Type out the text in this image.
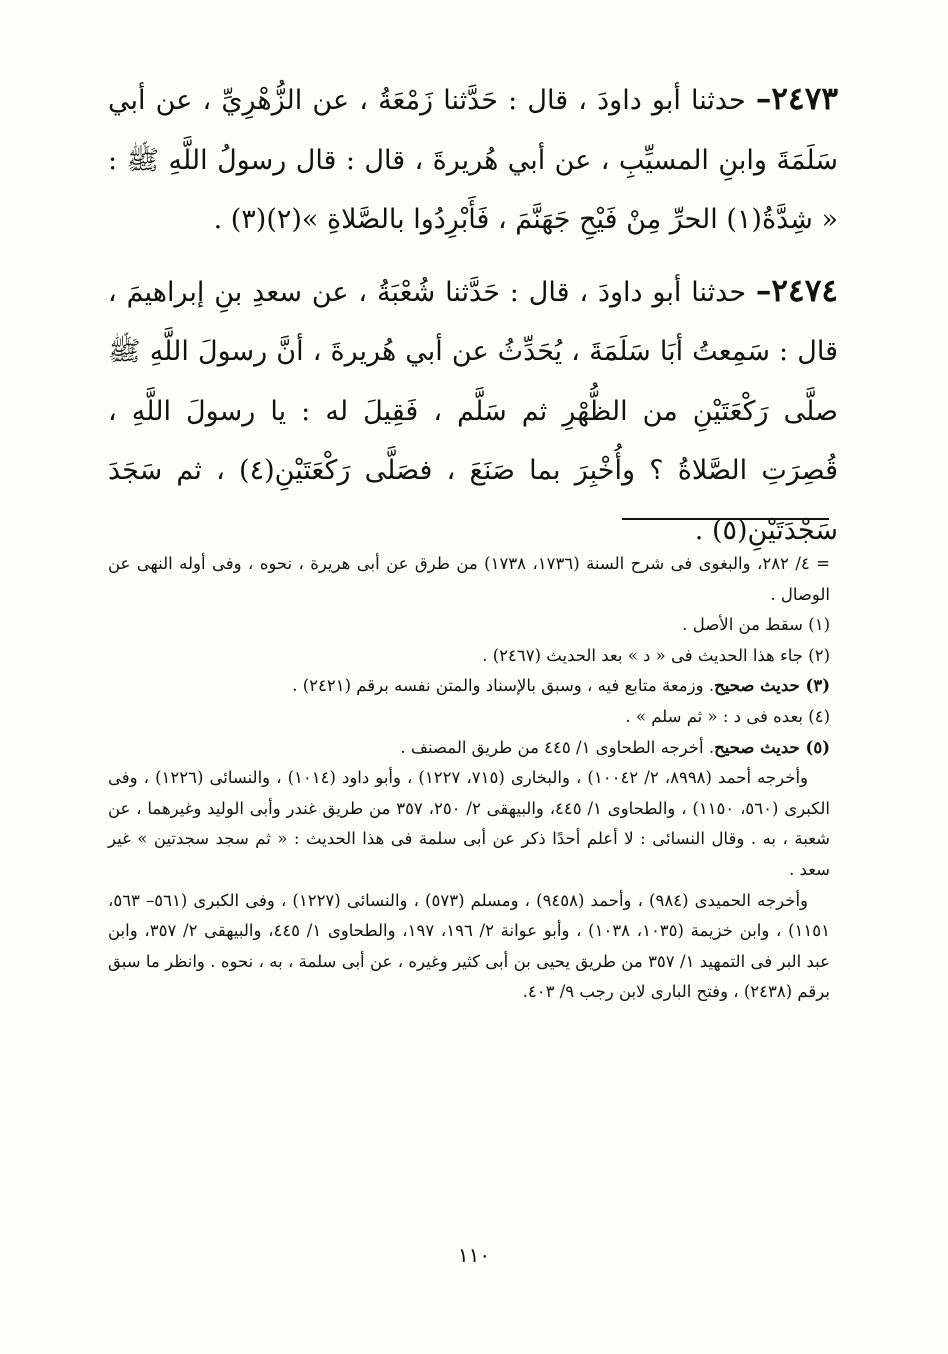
٢٤٧٣– حدثنا أبو داودَ ، قال : حَدَّثنا زَمْعَةُ ، عن الزُّهْرِيِّ ، عن أبي سَلَمَةَ وابنِ المسيِّبِ ، عن أبي هُريرةَ ، قال : قال رسولُ اللَّهِ ﷺ : « شِدَّةُ(١) الحرِّ مِنْ فَيْحِ جَهَنَّمَ ، فَأَبْرِدُوا بالصَّلاةِ »(٢)(٣) .

٢٤٧٤– حدثنا أبو داودَ ، قال : حَدَّثنا شُعْبَةُ ، عن سعدِ بنِ إبراهيمَ ، قال : سَمِعتُ أبَا سَلَمَةَ ، يُحَدِّثُ عن أبي هُريرةَ ، أنَّ رسولَ اللَّهِ ﷺ صلَّى رَكْعَتَيْنِ من الظُّهْرِ ثم سَلَّم ، فَقِيلَ له : يا رسولَ اللَّهِ ، قُصِرَتِ الصَّلاةُ ؟ وأُخْبِرَ بما صَنَعَ ، فصَلَّى رَكْعَتَيْنِ(٤) ، ثم سَجَدَ سَجْدَتَيْنِ(٥) .

= ٤/ ٢٨٢، والبغوى فى شرح السنة (١٧٣٦، ١٧٣٨) من طرق عن أبى هريرة ، نحوه ، وفى أوله النهى عن الوصال .

(١) سقط من الأصل .

(٢) جاء هذا الحديث فى « د » بعد الحديث (٢٤٦٧) .

(٣) حديث صحيح. وزمعة متابع فيه ، وسبق بالإسناد والمتن نفسه برقم (٢٤٢١) .

(٤) بعده فى د : « ثم سلم » .

(٥) حديث صحيح. أخرجه الطحاوى ١/ ٤٤٥ من طريق المصنف .

وأخرجه أحمد (٨٩٩٨، ٢/ ١٠٠٤٢) ، والبخارى (٧١٥، ١٢٢٧) ، وأبو داود (١٠١٤) ، والنسائى (١٢٢٦) ، وفى الكبرى (٥٦٠، ١١٥٠) ، والطحاوى ١/ ٤٤٥، والبيهقى ٢/ ٢٥٠، ٣٥٧ من طريق غندر وأبى الوليد وغيرهما ، عن شعبة ، به . وقال النسائى : لا أعلم أحدًا ذكر عن أبى سلمة فى هذا الحديث : « ثم سجد سجدتين » غير سعد .

وأخرجه الحميدى (٩٨٤) ، وأحمد (٩٤٥٨) ، ومسلم (٥٧٣) ، والنسائى (١٢٢٧) ، وفى الكبرى (٥٦١– ٥٦٣، ١١٥١) ، وابن خزيمة (١٠٣٥، ١٠٣٨) ، وأبو عوانة ٢/ ١٩٦، ١٩٧، والطحاوى ١/ ٤٤٥، والبيهقى ٢/ ٣٥٧، وابن عبد البر فى التمهيد ١/ ٣٥٧ من طريق يحيى بن أبى كثير وغيره ، عن أبى سلمة ، به ، نحوه . وانظر ما سبق برقم (٢٤٣٨) ، وفتح البارى لابن رجب ٩/ ٤٠٣.

١١٠
